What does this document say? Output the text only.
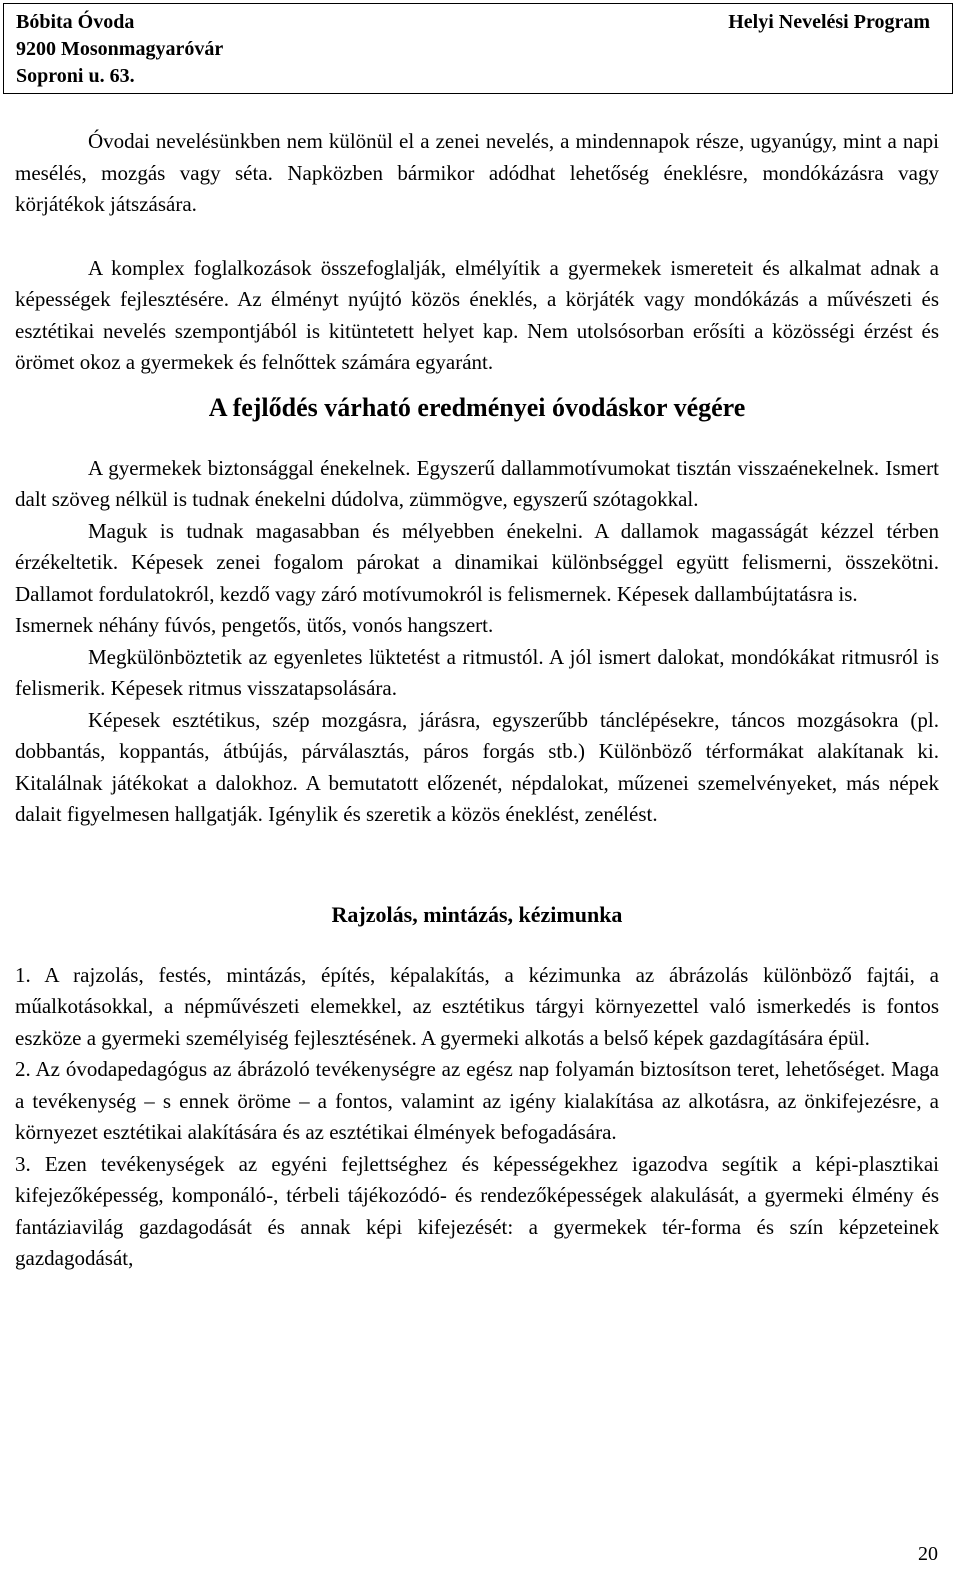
Bóbita Óvoda
9200 Mosonmagyaróvár
Soproni u. 63.
Helyi Nevelési Program

Óvodai nevelésünkben nem különül el a zenei nevelés, a mindennapok része, ugyanúgy, mint a napi mesélés, mozgás vagy séta. Napközben bármikor adódhat lehetőség éneklésre, mondókázásra vagy körjátékok játszására.

A komplex foglalkozások összefoglalják, elmélyítik a gyermekek ismereteit és alkalmat adnak a képességek fejlesztésére. Az élményt nyújtó közös éneklés, a körjáték vagy mondókázás a művészeti és esztétikai nevelés szempontjából is kitüntetett helyet kap. Nem utolsósorban erősíti a közösségi érzést és örömet okoz a gyermekek és felnőttek számára egyaránt.

A fejlődés várható eredményei óvodáskor végére

A gyermekek biztonsággal énekelnek. Egyszerű dallammotívumokat tisztán visszaénekelnek. Ismert dalt szöveg nélkül is tudnak énekelni dúdolva, zümmögve, egyszerű szótagokkal.

Maguk is tudnak magasabban és mélyebben énekelni. A dallamok magasságát kézzel térben érzékeltetik. Képesek zenei fogalom párokat a dinamikai különbséggel együtt felismerni, összekötni. Dallamot fordulatokról, kezdő vagy záró motívumokról is felismernek. Képesek dallambújtatásra is.

Ismernek néhány fúvós, pengetős, ütős, vonós hangszert.

Megkülönböztetik az egyenletes lüktetést a ritmustól. A jól ismert dalokat, mondókákat ritmusról is felismerik. Képesek ritmus visszatapsolására.

Képesek esztétikus, szép mozgásra, járásra, egyszerűbb tánclépésekre, táncos mozgásokra (pl. dobbantás, koppantás, átbújás, párválasztás, páros forgás stb.) Különböző térformákat alakítanak ki. Kitalálnak játékokat a dalokhoz. A bemutatott előzenét, népdalokat, műzenei szemelvényeket, más népek dalait figyelmesen hallgatják. Igénylik és szeretik a közös éneklést, zenélést.

Rajzolás, mintázás, kézimunka

1. A rajzolás, festés, mintázás, építés, képalakítás, a kézimunka az ábrázolás különböző fajtái, a műalkotásokkal, a népművészeti elemekkel, az esztétikus tárgyi környezettel való ismerkedés is fontos eszköze a gyermeki személyiség fejlesztésének. A gyermeki alkotás a belső képek gazdagítására épül.

2. Az óvodapedagógus az ábrázoló tevékenységre az egész nap folyamán biztosítson teret, lehetőséget. Maga a tevékenység – s ennek öröme – a fontos, valamint az igény kialakítása az alkotásra, az önkifejezésre, a környezet esztétikai alakítására és az esztétikai élmények befogadására.

3. Ezen tevékenységek az egyéni fejlettséghez és képességekhez igazodva segítik a képi-plasztikai kifejezőképesség, komponáló-, térbeli tájékozódó- és rendezőképességek alakulását, a gyermeki élmény és fantáziavilág gazdagodását és annak képi kifejezését: a gyermekek tér-forma és szín képzeteinek gazdagodását,

20
